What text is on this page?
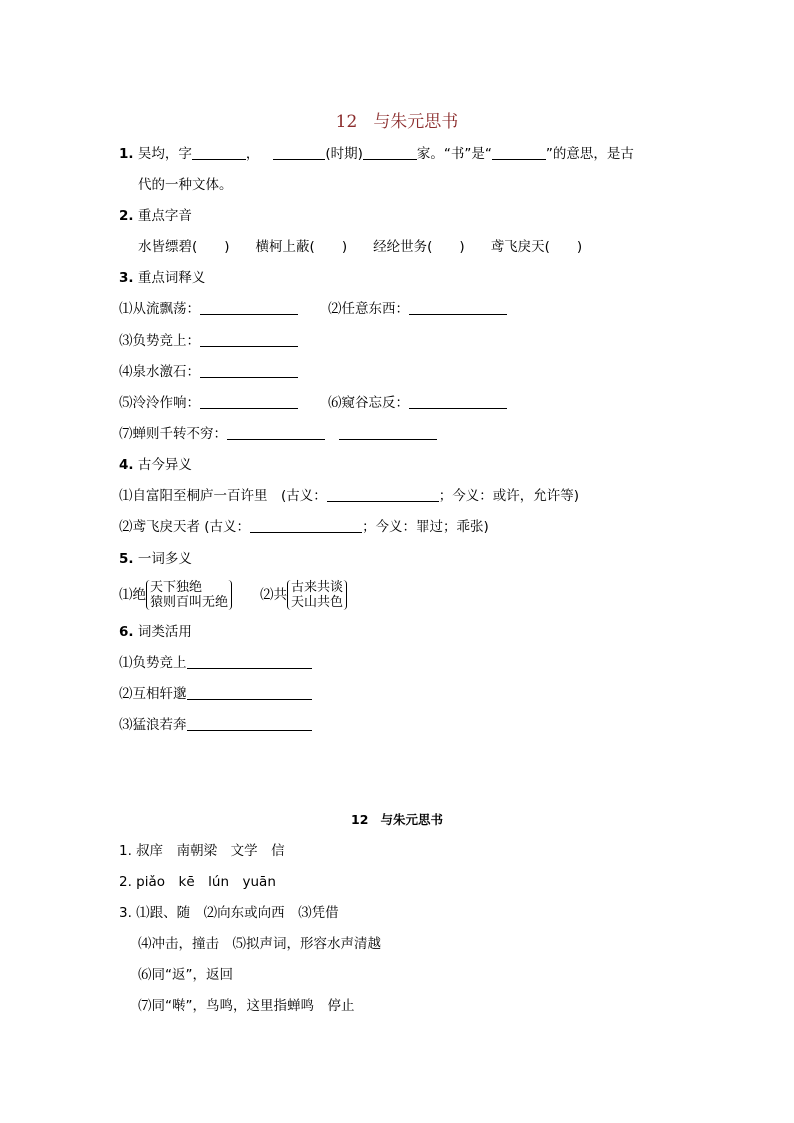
12 与朱元思书
1. 吴均，字	，	(时期)	家。“书”是“	”的意思，是古
代的一种文体。
2. 重点字音
水皆缥碧(　　) 横柯上蔽(　　) 经纶世务(　　) 鸢飞戾天(　　)
3. 重点词释义
⑴从流飘荡：	⑵任意东西：
⑶负势竞上：
⑷泉水激石：
⑸泠泠作响：	⑹窥谷忘反：
⑺蝉则千转不穷：
4. 古今异义
⑴自富阳至桐庐一百许里　(古义：	；今义：或许，允许等)
⑵鸢飞戾天者 (古义：	；今义：罪过；乖张)
5. 一词多义
⑴绝 天下独绝
猿则百叫无绝 ⑵共 古来共谈
天山共色
6. 词类活用
⑴负势竞上
⑵互相轩邈
⑶猛浪若奔
12 与朱元思书
1. 叔庠　南朝梁　文学　信
2. piǎo　kē　lún　yuān
3. ⑴跟、随　⑵向东或向西　⑶凭借
⑷冲击，撞击　⑸拟声词，形容水声清越
⑹同“返”，返回
⑺同“啭”，鸟鸣，这里指蝉鸣　停止
